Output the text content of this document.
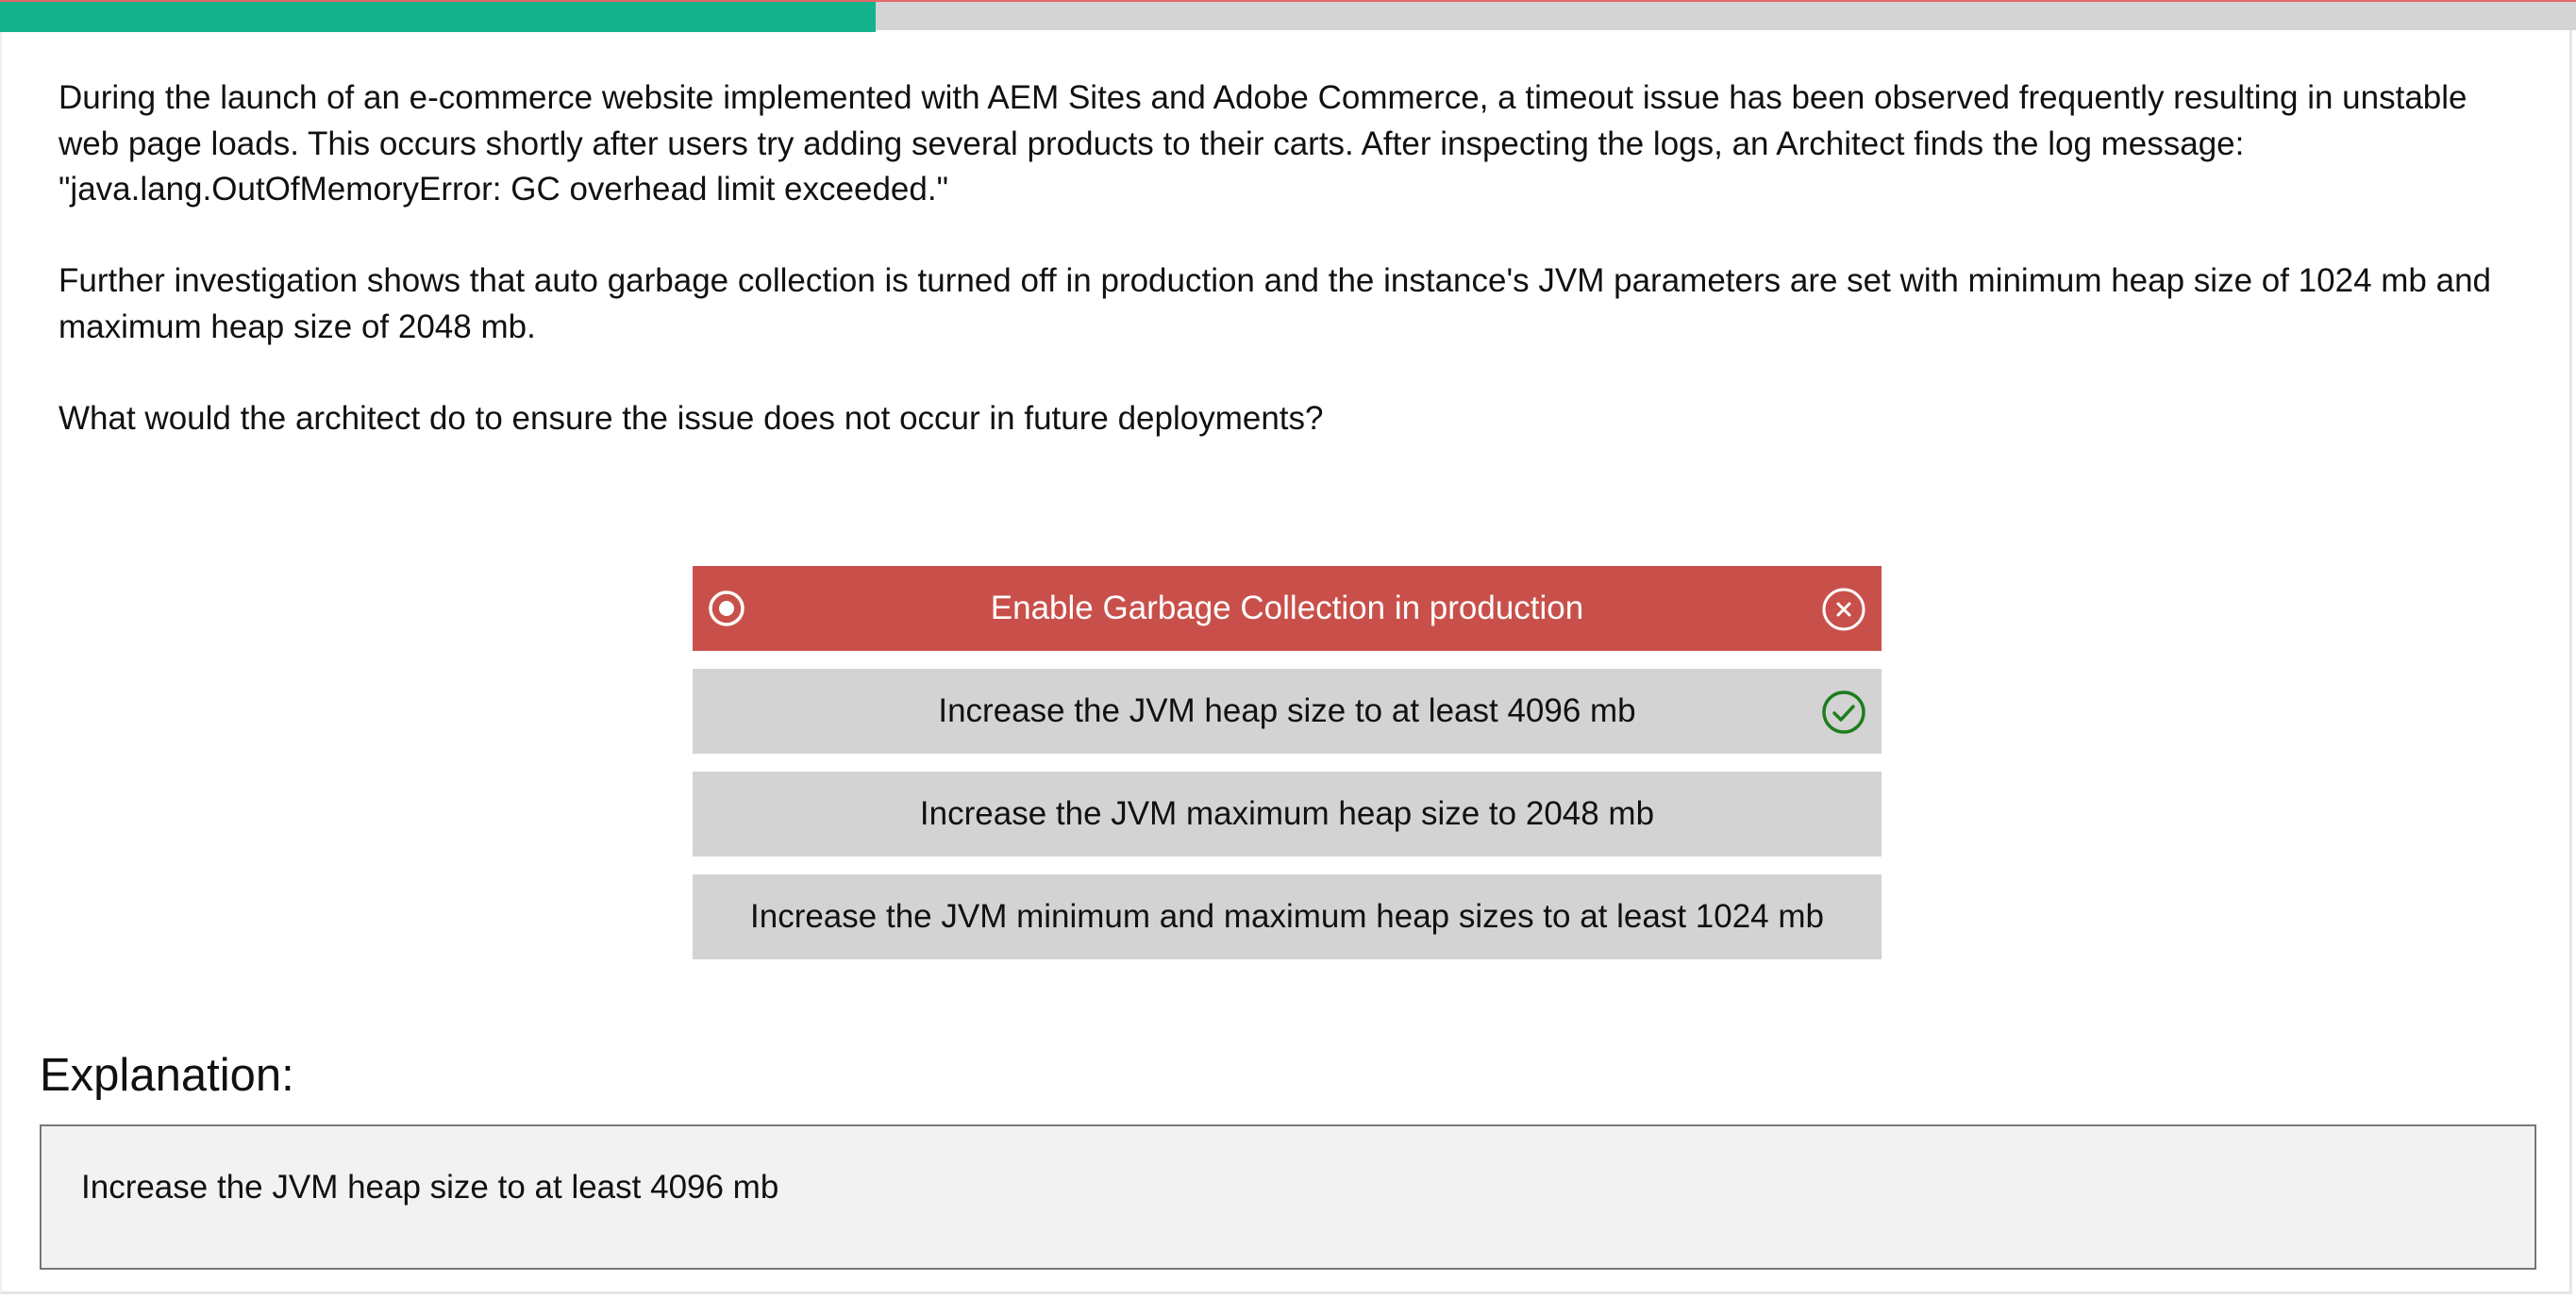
During the launch of an e-commerce website implemented with AEM Sites and Adobe Commerce, a timeout issue has been observed frequently resulting in unstable web page loads. This occurs shortly after users try adding several products to their carts. After inspecting the logs, an Architect finds the log message: "java.lang.OutOfMemoryError: GC overhead limit exceeded."

Further investigation shows that auto garbage collection is turned off in production and the instance's JVM parameters are set with minimum heap size of 1024 mb and maximum heap size of 2048 mb.

What would the architect do to ensure the issue does not occur in future deployments?

Enable Garbage Collection in production
Increase the JVM heap size to at least 4096 mb
Increase the JVM maximum heap size to 2048 mb
Increase the JVM minimum and maximum heap sizes to at least 1024 mb
Explanation:
Increase the JVM heap size to at least 4096 mb
